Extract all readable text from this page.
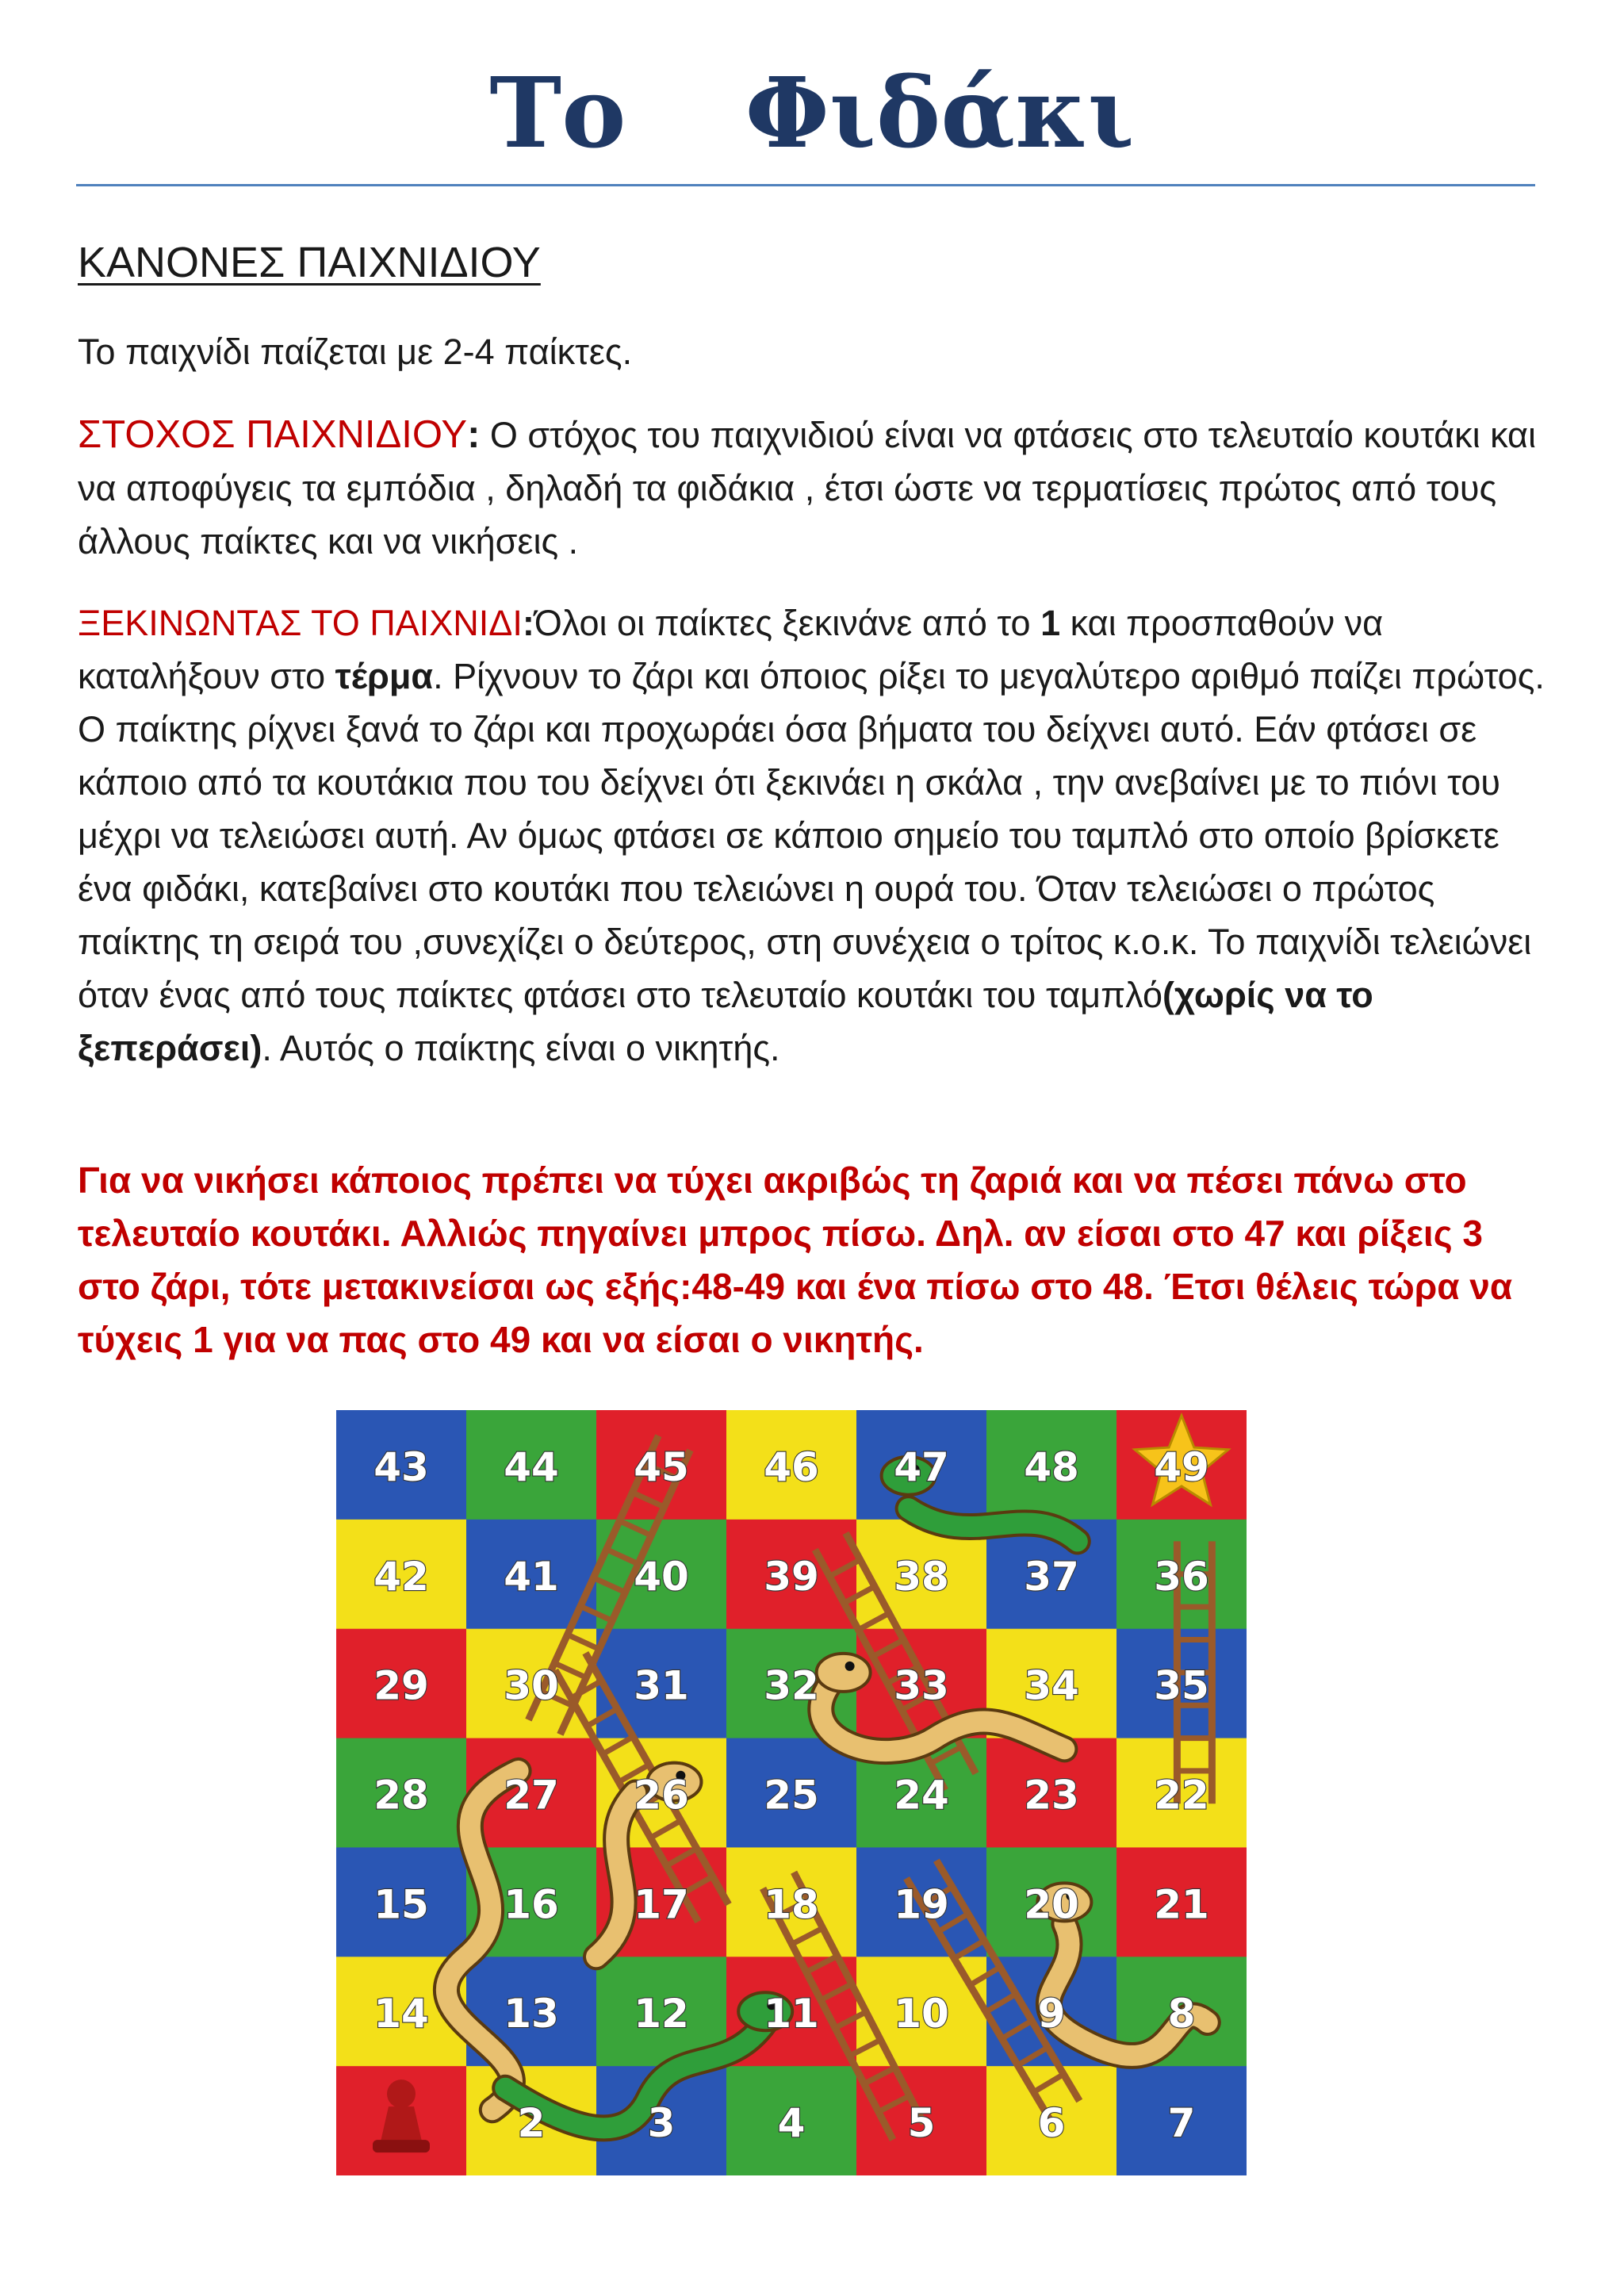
Το Φιδάκι
ΚΑΝΟΝΕΣ ΠΑΙΧΝΙΔΙΟΥ
Το παιχνίδι παίζεται με 2-4 παίκτες.
ΣΤΟΧΟΣ ΠΑΙΧΝΙΔΙΟΥ: Ο στόχος του παιχνιδιού είναι να φτάσεις στο τελευταίο κουτάκι και να αποφύγεις τα εμπόδια , δηλαδή τα φιδάκια , έτσι ώστε να τερματίσεις πρώτος από τους άλλους παίκτες και να νικήσεις .
ΞΕΚΙΝΩΝΤΑΣ ΤΟ ΠΑΙΧΝΙΔΙ:Όλοι οι παίκτες ξεκινάνε από το 1 και προσπαθούν να καταλήξουν στο τέρμα. Ρίχνουν το ζάρι και όποιος ρίξει το μεγαλύτερο αριθμό παίζει πρώτος. Ο παίκτης ρίχνει ξανά το ζάρι και προχωράει όσα βήματα του δείχνει αυτό. Εάν φτάσει σε κάποιο από τα κουτάκια που του δείχνει ότι ξεκινάει η σκάλα , την ανεβαίνει με το πιόνι του μέχρι να τελειώσει αυτή. Αν όμως φτάσει σε κάποιο σημείο του ταμπλό στο οποίο βρίσκετε ένα φιδάκι, κατεβαίνει στο κουτάκι που τελειώνει η ουρά του. Όταν τελειώσει ο πρώτος παίκτης τη σειρά του ,συνεχίζει ο δεύτερος, στη συνέχεια ο τρίτος κ.ο.κ. Το παιχνίδι τελειώνει όταν ένας από τους παίκτες φτάσει στο τελευταίο κουτάκι του ταμπλό(χωρίς να το ξεπεράσει). Αυτός ο παίκτης είναι ο νικητής.
Για να νικήσει κάποιος πρέπει να τύχει ακριβώς τη ζαριά και να πέσει πάνω στο τελευταίο κουτάκι. Αλλιώς πηγαίνει μπρος πίσω. Δηλ. αν είσαι στο 47 και ρίξεις 3 στο ζάρι, τότε μετακινείσαι ως εξής:48-49 και ένα πίσω στο 48. Έτσι θέλεις τώρα να τύχεις 1 για να πας στο 49 και να είσαι ο νικητής.
43 44 45 46 47 48 49
42 41 40 39 38 37 36
29 30 31 32 33 34 35
28 27 26 25 24 23 22
15 16 17 18 19 20 21
14 13 12 11 10 9	8
2	3	4	5	6	7
